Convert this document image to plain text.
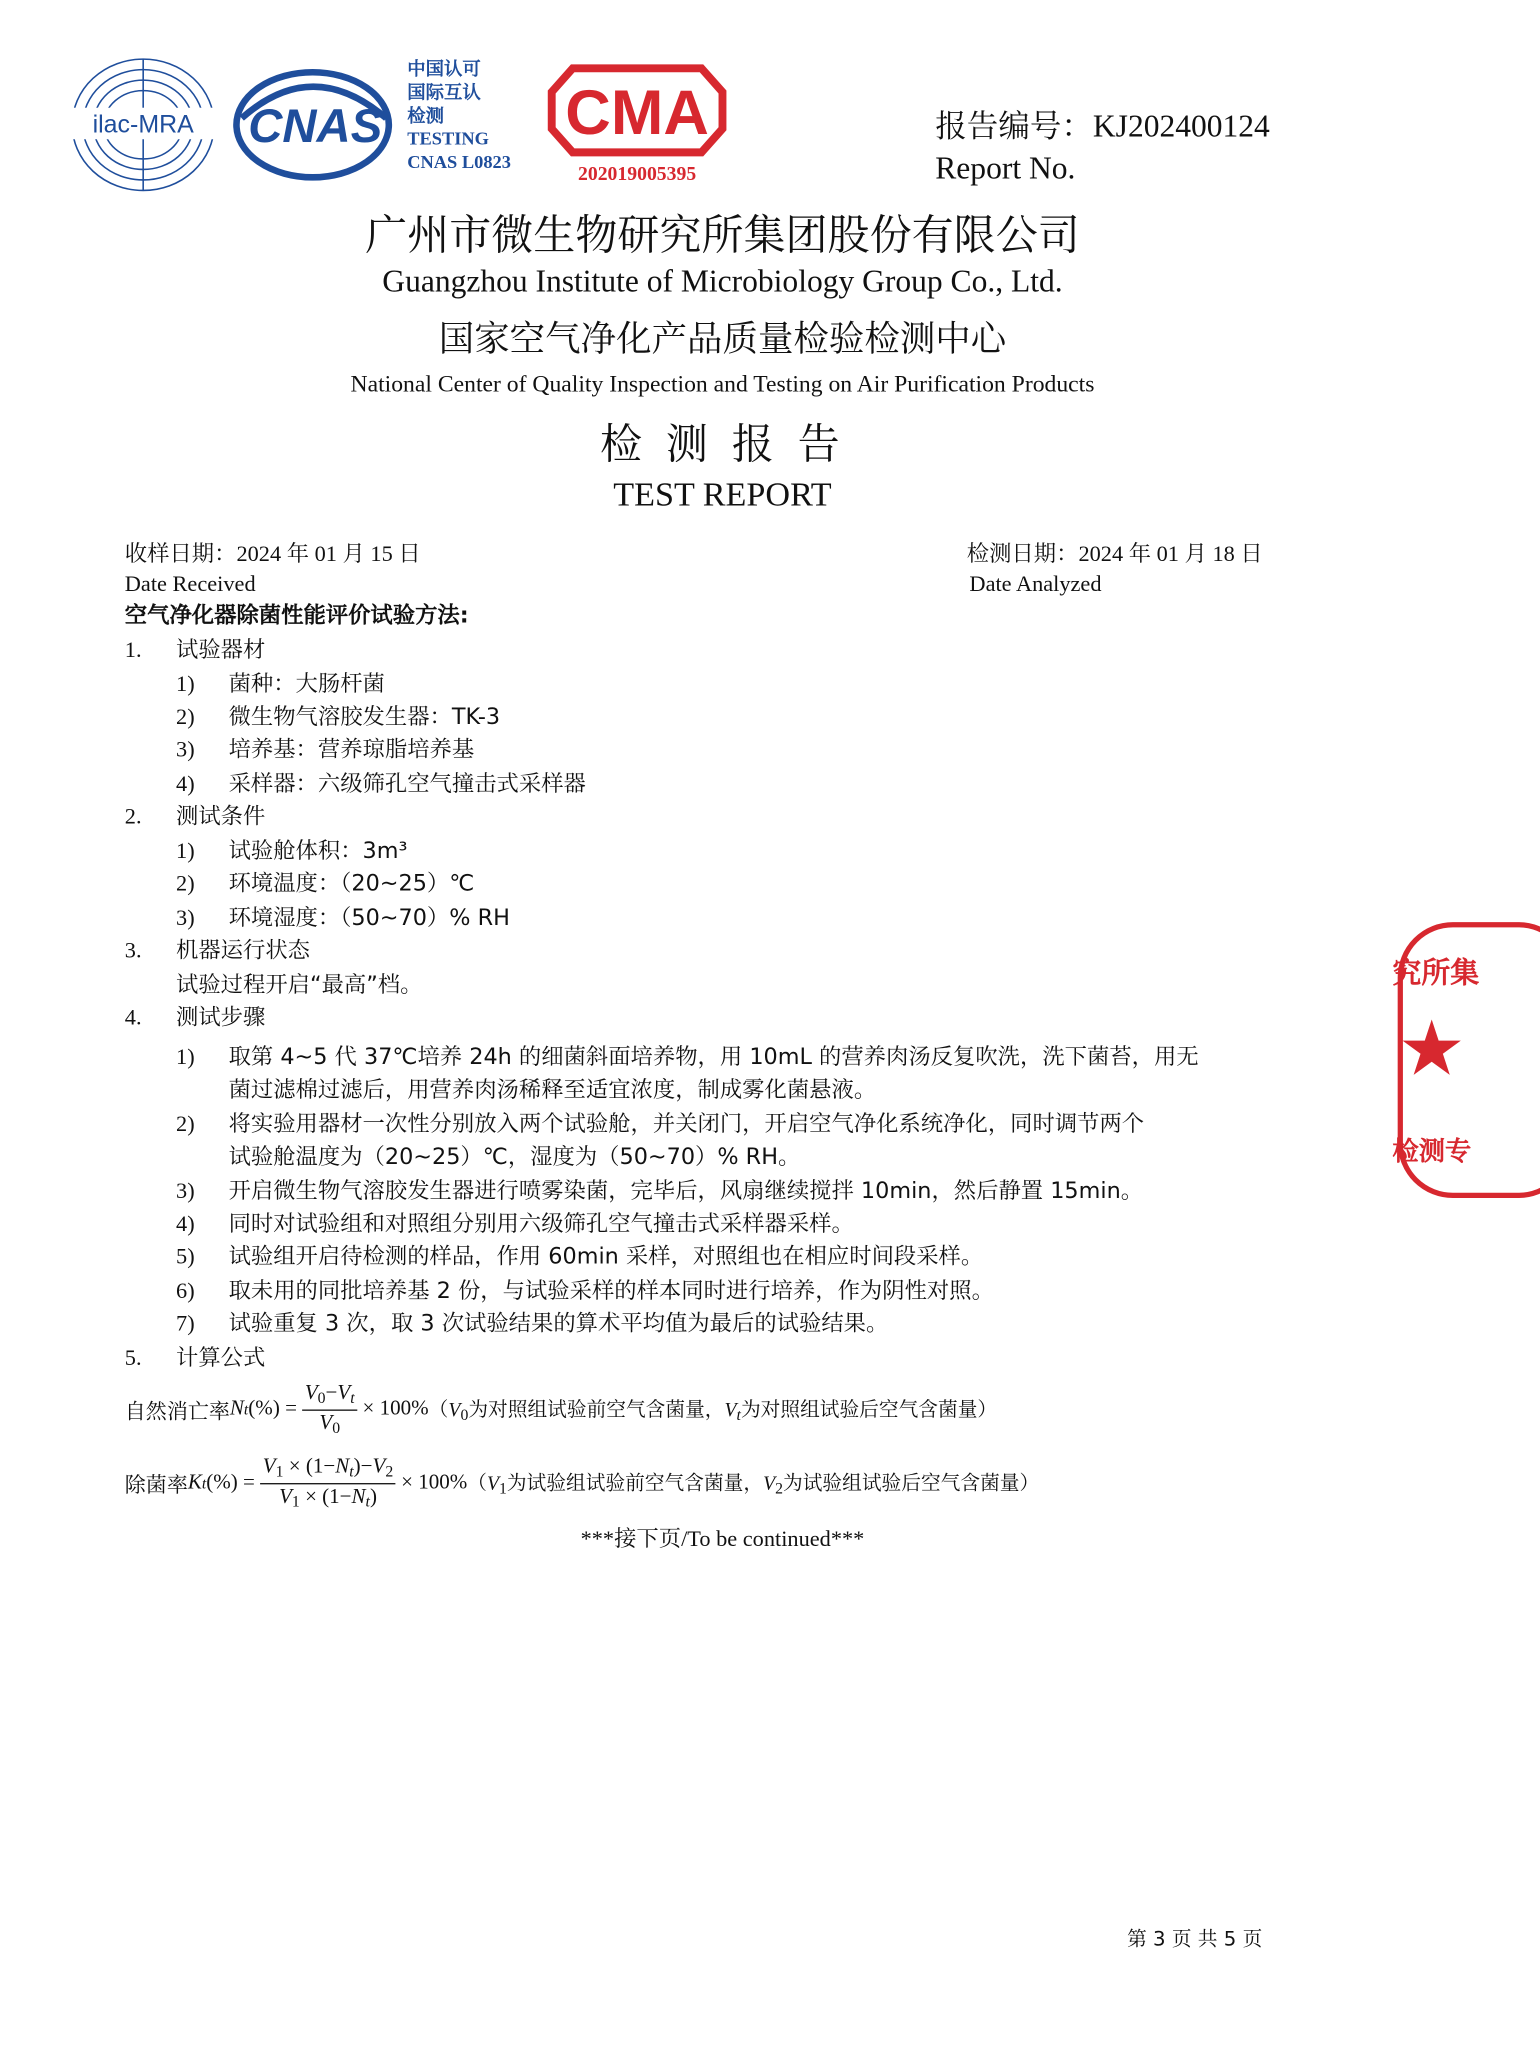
ilac-MRA CNAS
中国认可
国际互认
检测
TESTING
CNAS L0823
CMA
202019005395
报告编号：KJ202400124
Report No.
广州市微生物研究所集团股份有限公司
Guangzhou Institute of Microbiology Group Co., Ltd.
国家空气净化产品质量检验检测中心
National Center of Quality Inspection and Testing on Air Purification Products
检 测 报 告
TEST REPORT
收样日期：2024 年 01 月 15 日
Date Received
检测日期：2024 年 01 月 18 日
Date Analyzed
空气净化器除菌性能评价试验方法:
1. 试验器材
1) 菌种：大肠杆菌
2) 微生物气溶胶发生器：TK-3
3) 培养基：营养琼脂培养基
4) 采样器：六级筛孔空气撞击式采样器
2. 测试条件
1) 试验舱体积：3m³
2) 环境温度：（20~25）℃
3) 环境湿度：（50~70）% RH
3. 机器运行状态
试验过程开启“最高”档。
4. 测试步骤
1) 取第 4~5 代 37℃培养 24h 的细菌斜面培养物，用 10mL 的营养肉汤反复吹洗，洗下菌苔，用无
菌过滤棉过滤后，用营养肉汤稀释至适宜浓度，制成雾化菌悬液。
2) 将实验用器材一次性分别放入两个试验舱，并关闭门，开启空气净化系统净化，同时调节两个
试验舱温度为（20~25）℃，湿度为（50~70）% RH。
3) 开启微生物气溶胶发生器进行喷雾染菌，完毕后，风扇继续搅拌 10min，然后静置 15min。
4) 同时对试验组和对照组分别用六级筛孔空气撞击式采样器采样。
5) 试验组开启待检测的样品，作用 60min 采样，对照组也在相应时间段采样。
6) 取未用的同批培养基 2 份，与试验采样的样本同时进行培养，作为阴性对照。
7) 试验重复 3 次，取 3 次试验结果的算术平均值为最后的试验结果。
5. 计算公式
自然消亡率 N t (%) = $\frac{V_0-V_t}{V_0} \times 100\%$ （$V_0$为对照组试验前空气含菌量，$V_t$为对照组试验后空气含菌量）
除菌率 K t (%) = $\frac{V_1 \times (1-N_t)-V_2}{V_1 \times (1-N_t)} \times 100\%$ （$V_1$为试验组试验前空气含菌量，$V_2$为试验组试验后空气含菌量）
***接下页/To be continued***
究所集
★
检测专
第 3 页 共 5 页
